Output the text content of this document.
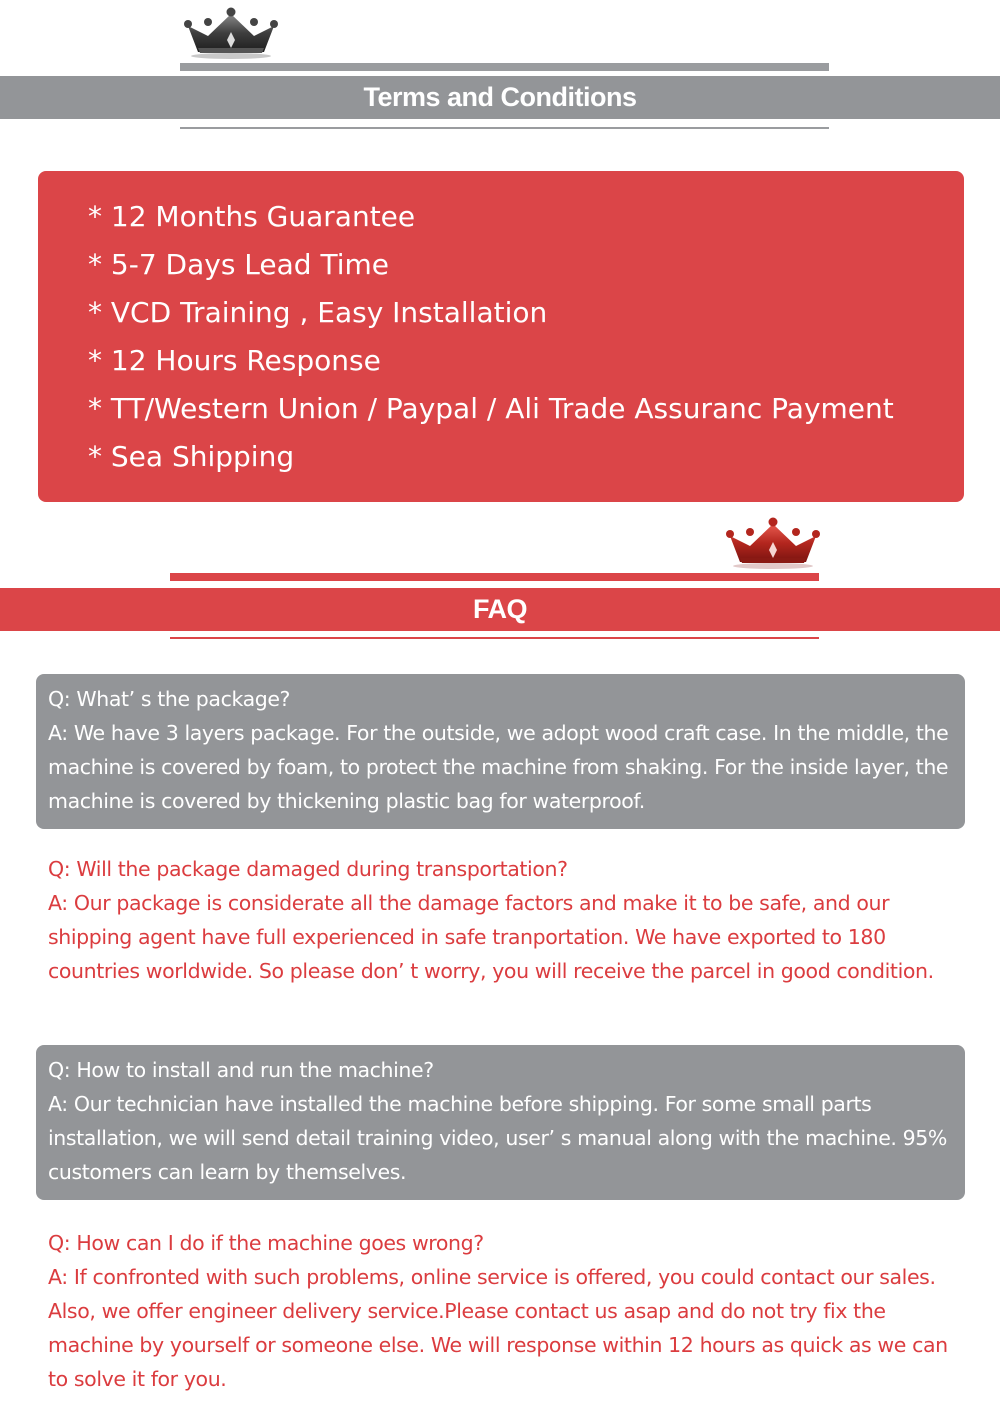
Terms and Conditions
* 12 Months Guarantee
* 5-7 Days Lead Time
* VCD Training , Easy Installation
* 12 Hours Response
* TT/Western Union / Paypal / Ali Trade Assuranc Payment
* Sea Shipping
FAQ

Q: What’ s the package?

A: We have 3 layers package. For the outside, we adopt wood craft case. In the middle, the machine is covered by foam, to protect the machine from shaking. For the inside layer, the machine is covered by thickening plastic bag for waterproof.

Q: Will the package damaged during transportation?

A: Our package is considerate all the damage factors and make it to be safe, and our shipping agent have full experienced in safe tranportation. We have exported to 180 countries worldwide. So please don’ t worry, you will receive the parcel in good condition.

Q: How to install and run the machine?

A: Our technician have installed the machine before shipping. For some small parts installation, we will send detail training video, user’ s manual along with the machine. 95% customers can learn by themselves.

Q: How can I do if the machine goes wrong?

A: If confronted with such problems, online service is offered, you could contact our sales. Also, we offer engineer delivery service.Please contact us asap and do not try fix the machine by yourself or someone else. We will response within 12 hours as quick as we can to solve it for you.
